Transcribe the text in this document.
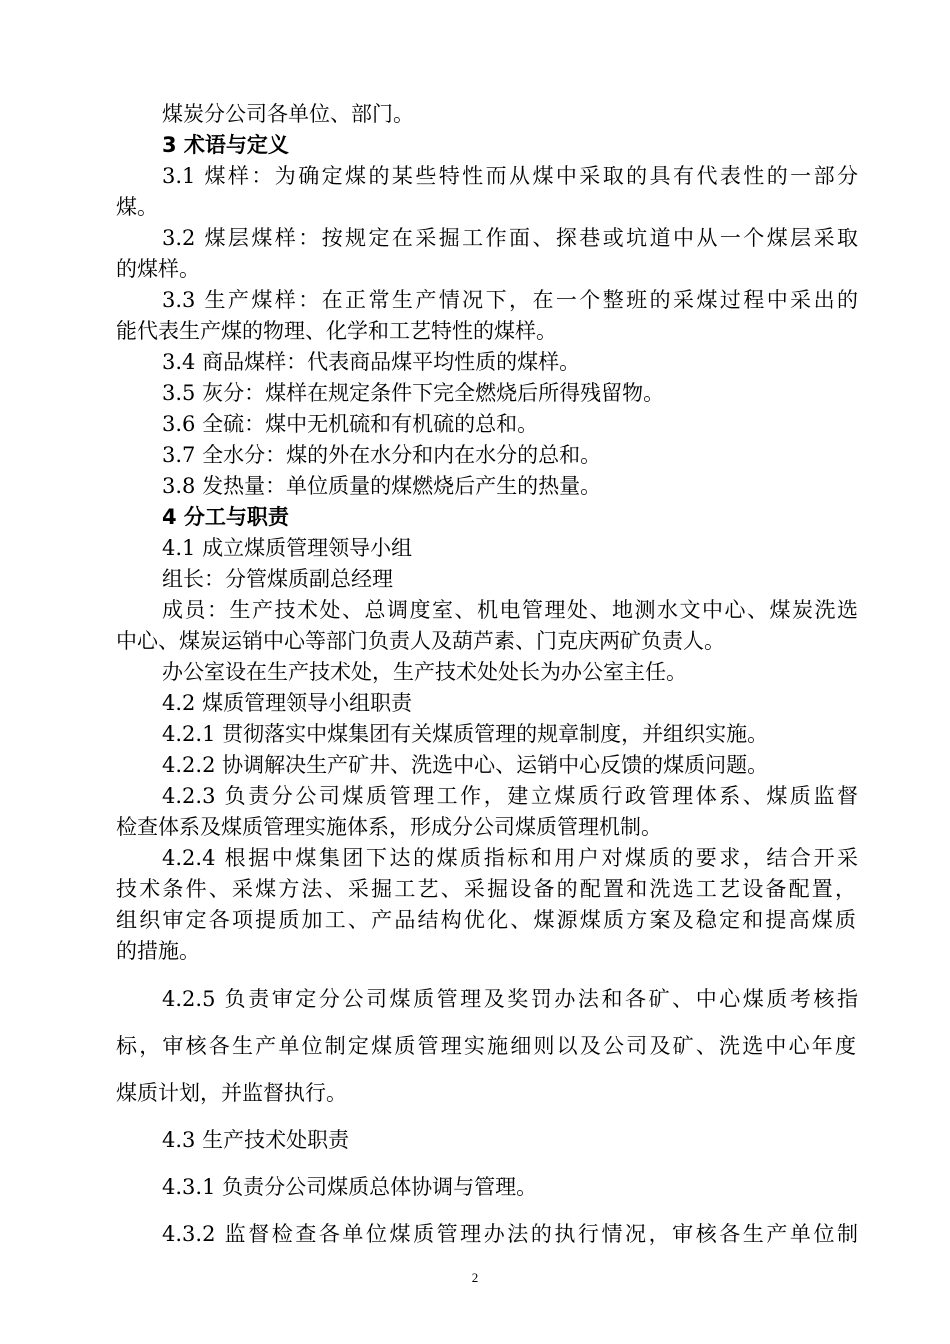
煤炭分公司各单位、部门。
3 术语与定义
3.1 煤样：为确定煤的某些特性而从煤中采取的具有代表性的一部分
煤。
3.2 煤层煤样：按规定在采掘工作面、探巷或坑道中从一个煤层采取
的煤样。
3.3 生产煤样：在正常生产情况下，在一个整班的采煤过程中采出的
能代表生产煤的物理、化学和工艺特性的煤样。
3.4 商品煤样：代表商品煤平均性质的煤样。
3.5 灰分：煤样在规定条件下完全燃烧后所得残留物。
3.6 全硫：煤中无机硫和有机硫的总和。
3.7 全水分：煤的外在水分和内在水分的总和。
3.8 发热量：单位质量的煤燃烧后产生的热量。
4 分工与职责
4.1 成立煤质管理领导小组
组长：分管煤质副总经理
成员：生产技术处、总调度室、机电管理处、地测水文中心、煤炭洗选
中心、煤炭运销中心等部门负责人及葫芦素、门克庆两矿负责人。
办公室设在生产技术处，生产技术处处长为办公室主任。
4.2 煤质管理领导小组职责
4.2.1 贯彻落实中煤集团有关煤质管理的规章制度，并组织实施。
4.2.2 协调解决生产矿井、洗选中心、运销中心反馈的煤质问题。
4.2.3 负责分公司煤质管理工作，建立煤质行政管理体系、煤质监督
检查体系及煤质管理实施体系，形成分公司煤质管理机制。
4.2.4 根据中煤集团下达的煤质指标和用户对煤质的要求，结合开采
技术条件、采煤方法、采掘工艺、采掘设备的配置和洗选工艺设备配置，
组织审定各项提质加工、产品结构优化、煤源煤质方案及稳定和提高煤质
的措施。
4.2.5 负责审定分公司煤质管理及奖罚办法和各矿、中心煤质考核指
标，审核各生产单位制定煤质管理实施细则以及公司及矿、洗选中心年度
煤质计划，并监督执行。
4.3 生产技术处职责
4.3.1 负责分公司煤质总体协调与管理。
4.3.2 监督检查各单位煤质管理办法的执行情况，审核各生产单位制
2
